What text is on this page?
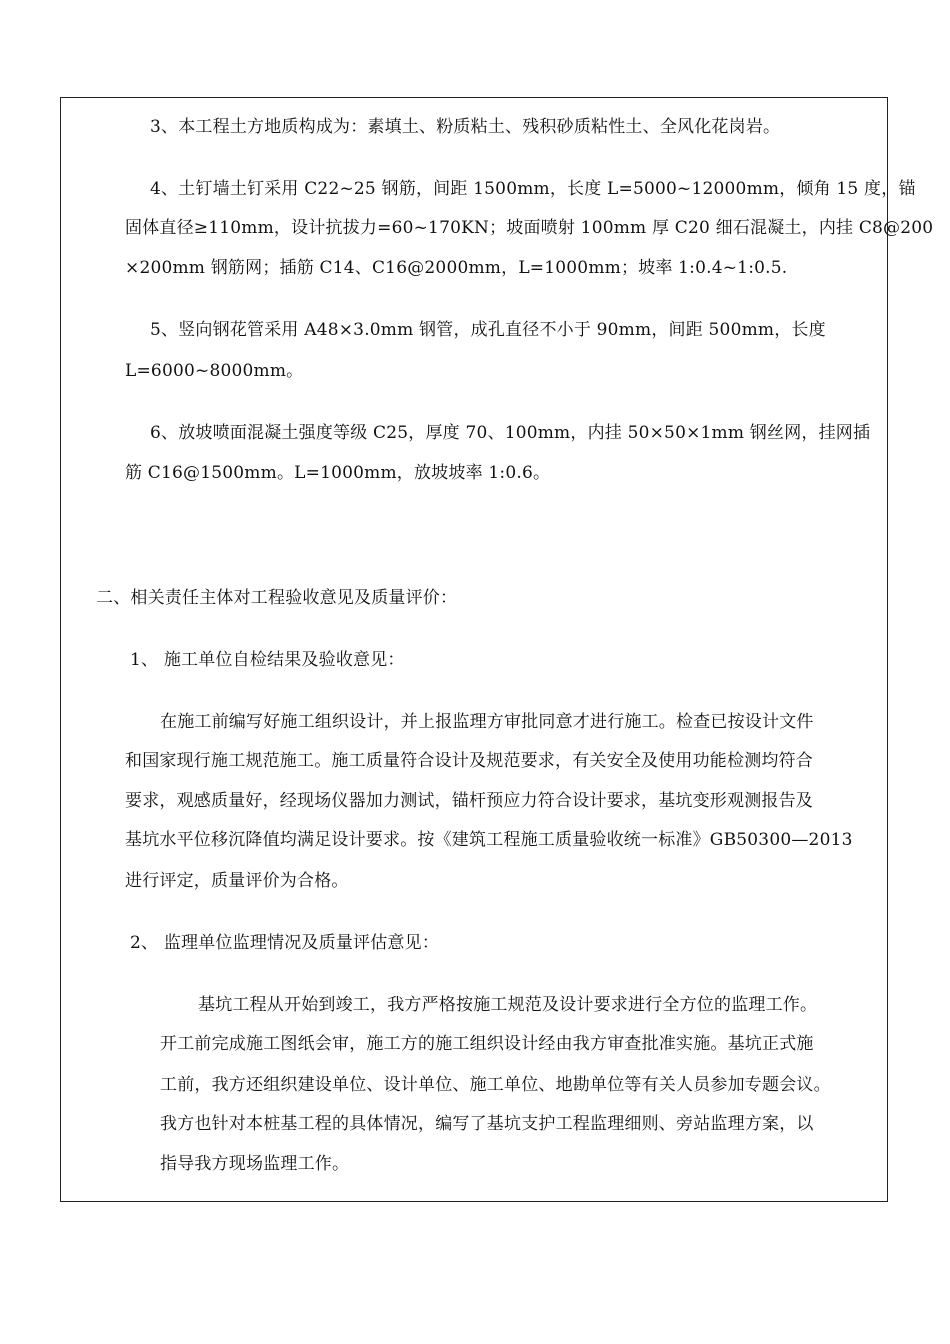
3、本工程土方地质构成为：素填土、粉质粘土、残积砂质粘性土、全风化花岗岩。
4、土钉墙土钉采用 C22~25 钢筋，间距 1500mm，长度 L=5000~12000mm，倾角 15 度，锚
固体直径≥110mm，设计抗拔力=60~170KN；坡面喷射 100mm 厚 C20 细石混凝土，内挂 C8@200
×200mm 钢筋网；插筋 C14、C16@2000mm，L=1000mm；坡率 1:0.4~1:0.5.
5、竖向钢花管采用 A48×3.0mm 钢管，成孔直径不小于 90mm，间距 500mm，长度
L=6000~8000mm。
6、放坡喷面混凝土强度等级 C25，厚度 70、100mm，内挂 50×50×1mm 钢丝网，挂网插
筋 C16@1500mm。L=1000mm，放坡坡率 1:0.6。
二、相关责任主体对工程验收意见及质量评价：
1、 施工单位自检结果及验收意见：
在施工前编写好施工组织设计，并上报监理方审批同意才进行施工。检查已按设计文件
和国家现行施工规范施工。施工质量符合设计及规范要求，有关安全及使用功能检测均符合
要求，观感质量好，经现场仪器加力测试，锚杆预应力符合设计要求，基坑变形观测报告及
基坑水平位移沉降值均满足设计要求。按《建筑工程施工质量验收统一标准》GB50300—2013
进行评定，质量评价为合格。
2、 监理单位监理情况及质量评估意见：
基坑工程从开始到竣工，我方严格按施工规范及设计要求进行全方位的监理工作。
开工前完成施工图纸会审，施工方的施工组织设计经由我方审查批准实施。基坑正式施
工前，我方还组织建设单位、设计单位、施工单位、地勘单位等有关人员参加专题会议。
我方也针对本桩基工程的具体情况，编写了基坑支护工程监理细则、旁站监理方案，以
指导我方现场监理工作。
